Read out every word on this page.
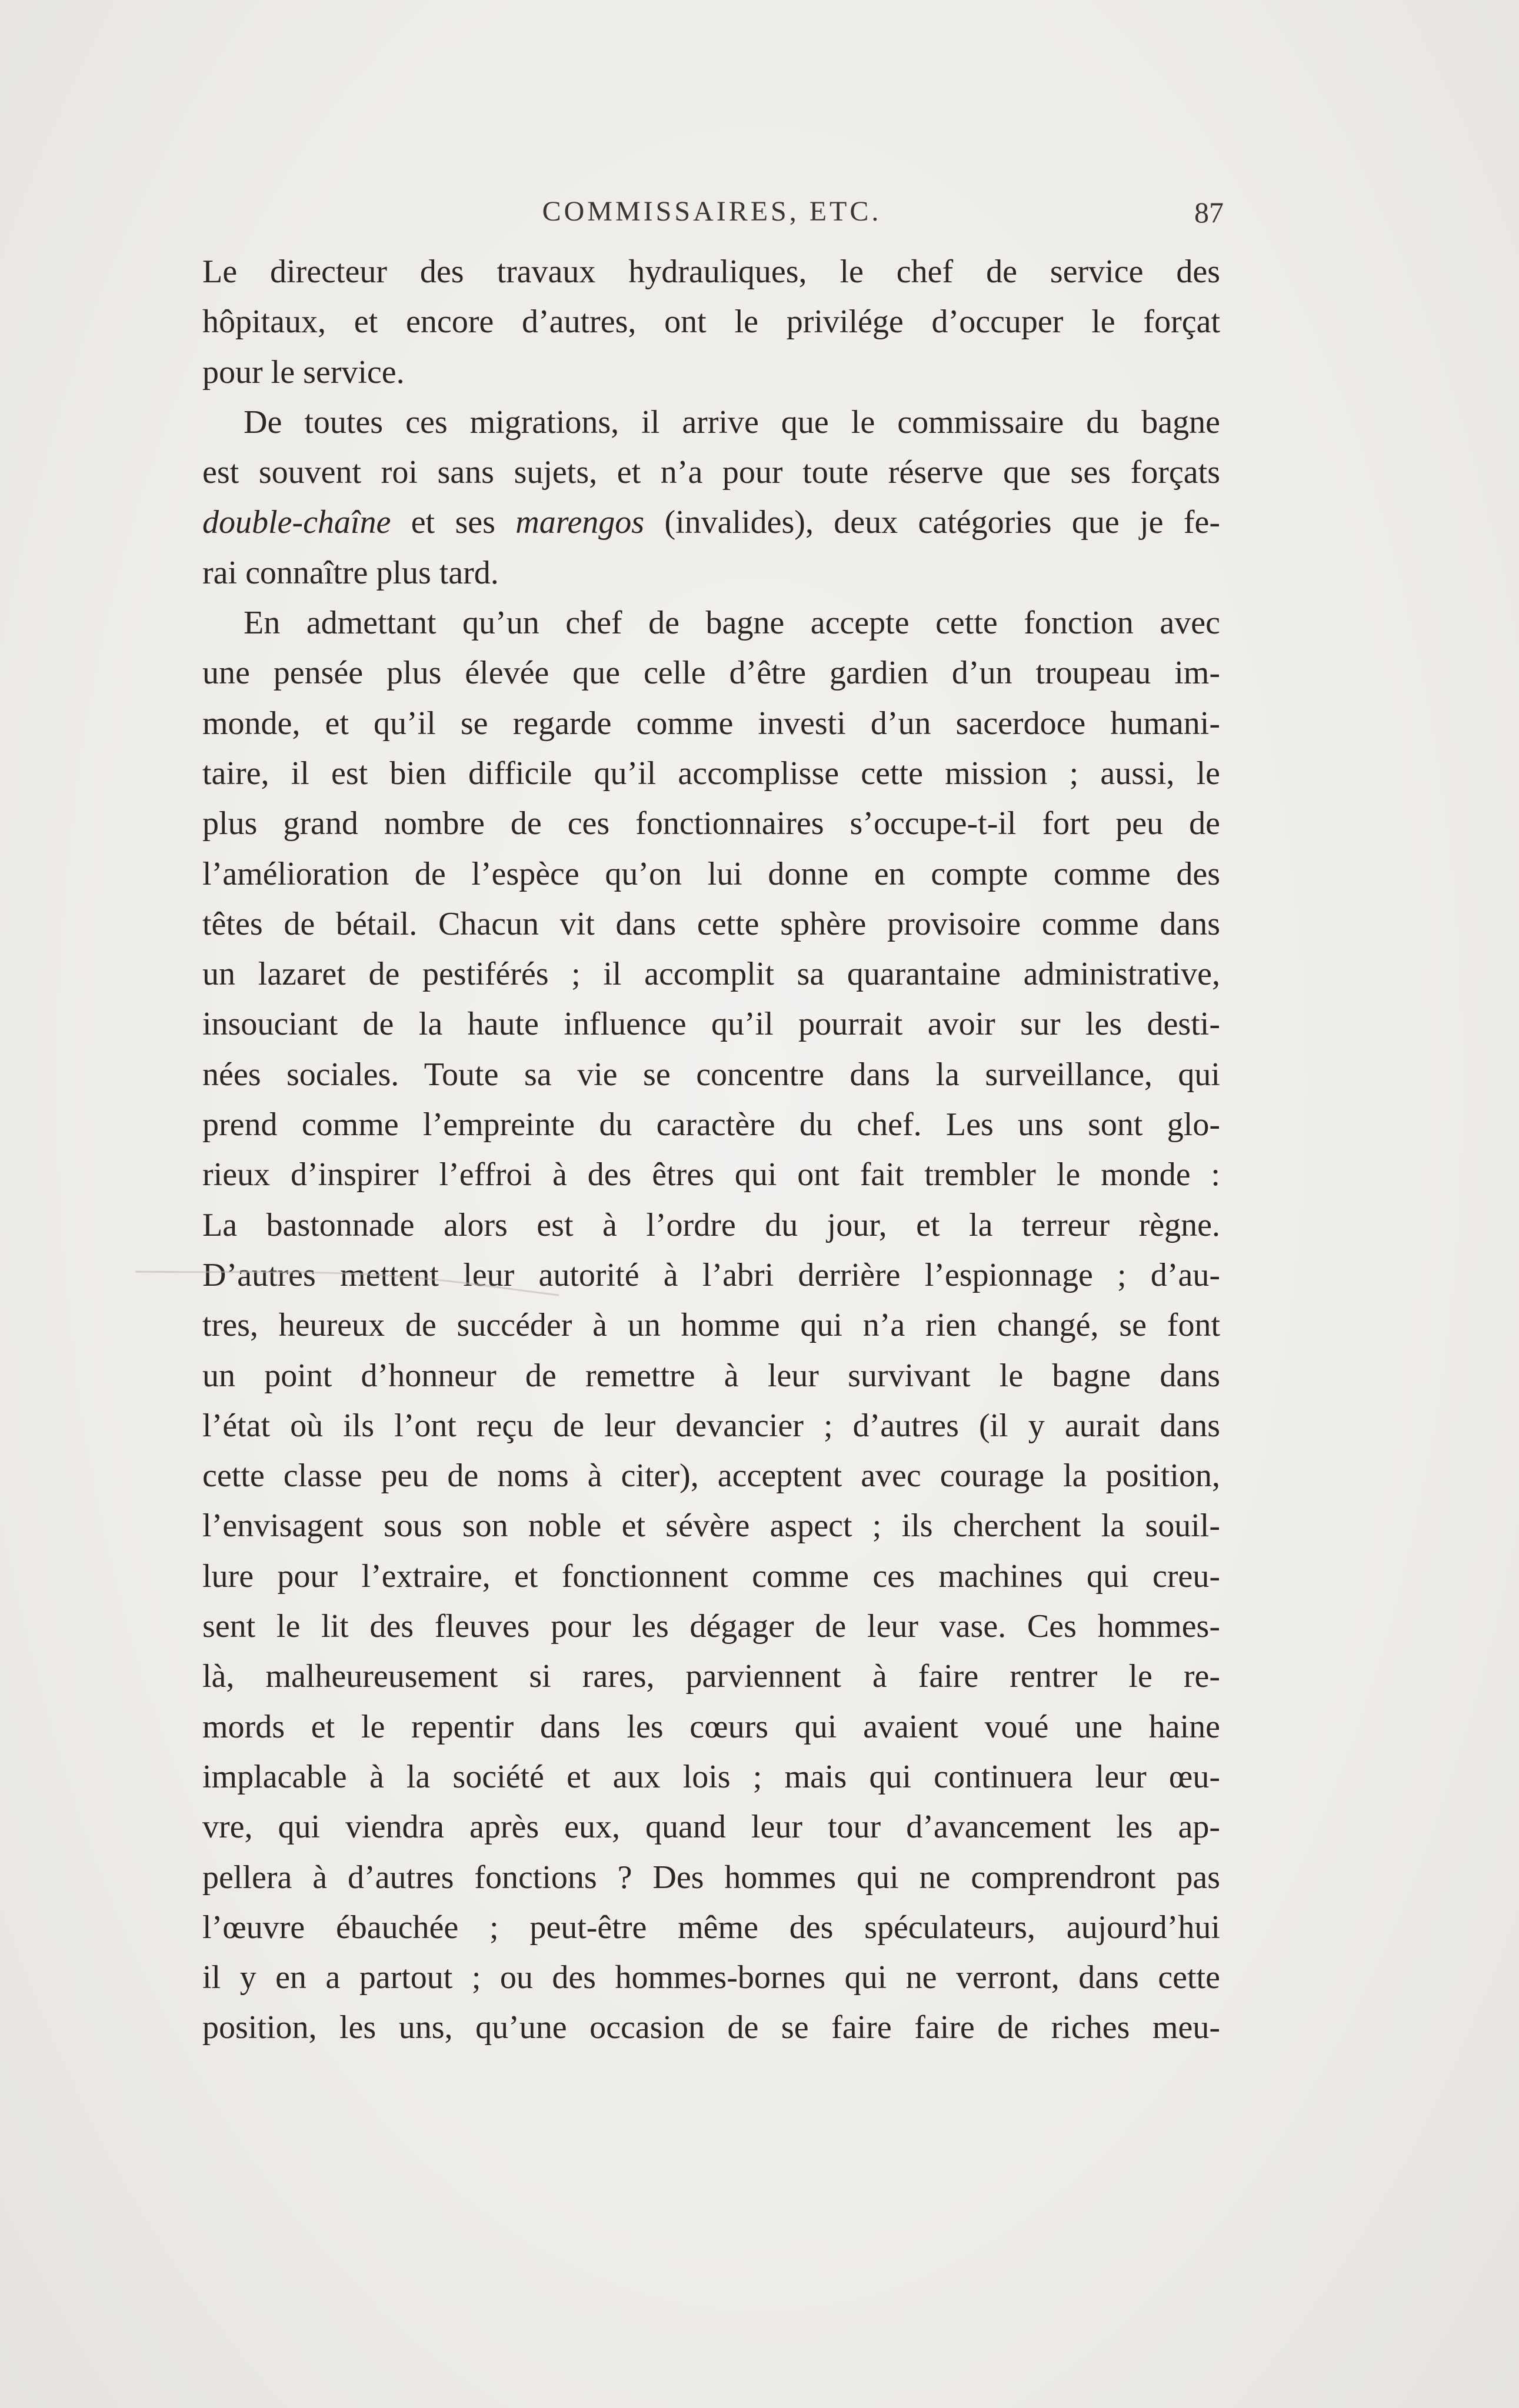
COMMISSAIRES, ETC.	87
Le directeur des travaux hydrauliques, le chef de service des
hôpitaux, et encore d’autres, ont le privilége d’occuper le forçat
pour le service.
De toutes ces migrations, il arrive que le commissaire du bagne
est souvent roi sans sujets, et n’a pour toute réserve que ses forçats
double-chaîne et ses marengos (invalides), deux catégories que je fe-
rai connaître plus tard.
En admettant qu’un chef de bagne accepte cette fonction avec
une pensée plus élevée que celle d’être gardien d’un troupeau im-
monde, et qu’il se regarde comme investi d’un sacerdoce humani-
taire, il est bien difficile qu’il accomplisse cette mission ; aussi, le
plus grand nombre de ces fonctionnaires s’occupe-t-il fort peu de
l’amélioration de l’espèce qu’on lui donne en compte comme des
têtes de bétail. Chacun vit dans cette sphère provisoire comme dans
un lazaret de pestiférés ; il accomplit sa quarantaine administrative,
insouciant de la haute influence qu’il pourrait avoir sur les desti-
nées sociales. Toute sa vie se concentre dans la surveillance, qui
prend comme l’empreinte du caractère du chef. Les uns sont glo-
rieux d’inspirer l’effroi à des êtres qui ont fait trembler le monde :
La bastonnade alors est à l’ordre du jour, et la terreur règne.
D’autres mettent leur autorité à l’abri derrière l’espionnage ; d’au-
tres, heureux de succéder à un homme qui n’a rien changé, se font
un point d’honneur de remettre à leur survivant le bagne dans
l’état où ils l’ont reçu de leur devancier ; d’autres (il y aurait dans
cette classe peu de noms à citer), acceptent avec courage la position,
l’envisagent sous son noble et sévère aspect ; ils cherchent la souil-
lure pour l’extraire, et fonctionnent comme ces machines qui creu-
sent le lit des fleuves pour les dégager de leur vase. Ces hommes-
là, malheureusement si rares, parviennent à faire rentrer le re-
mords et le repentir dans les cœurs qui avaient voué une haine
implacable à la société et aux lois ; mais qui continuera leur œu-
vre, qui viendra après eux, quand leur tour d’avancement les ap-
pellera à d’autres fonctions ? Des hommes qui ne comprendront pas
l’œuvre ébauchée ; peut-être même des spéculateurs, aujourd’hui
il y en a partout ; ou des hommes-bornes qui ne verront, dans cette
position, les uns, qu’une occasion de se faire faire de riches meu-
